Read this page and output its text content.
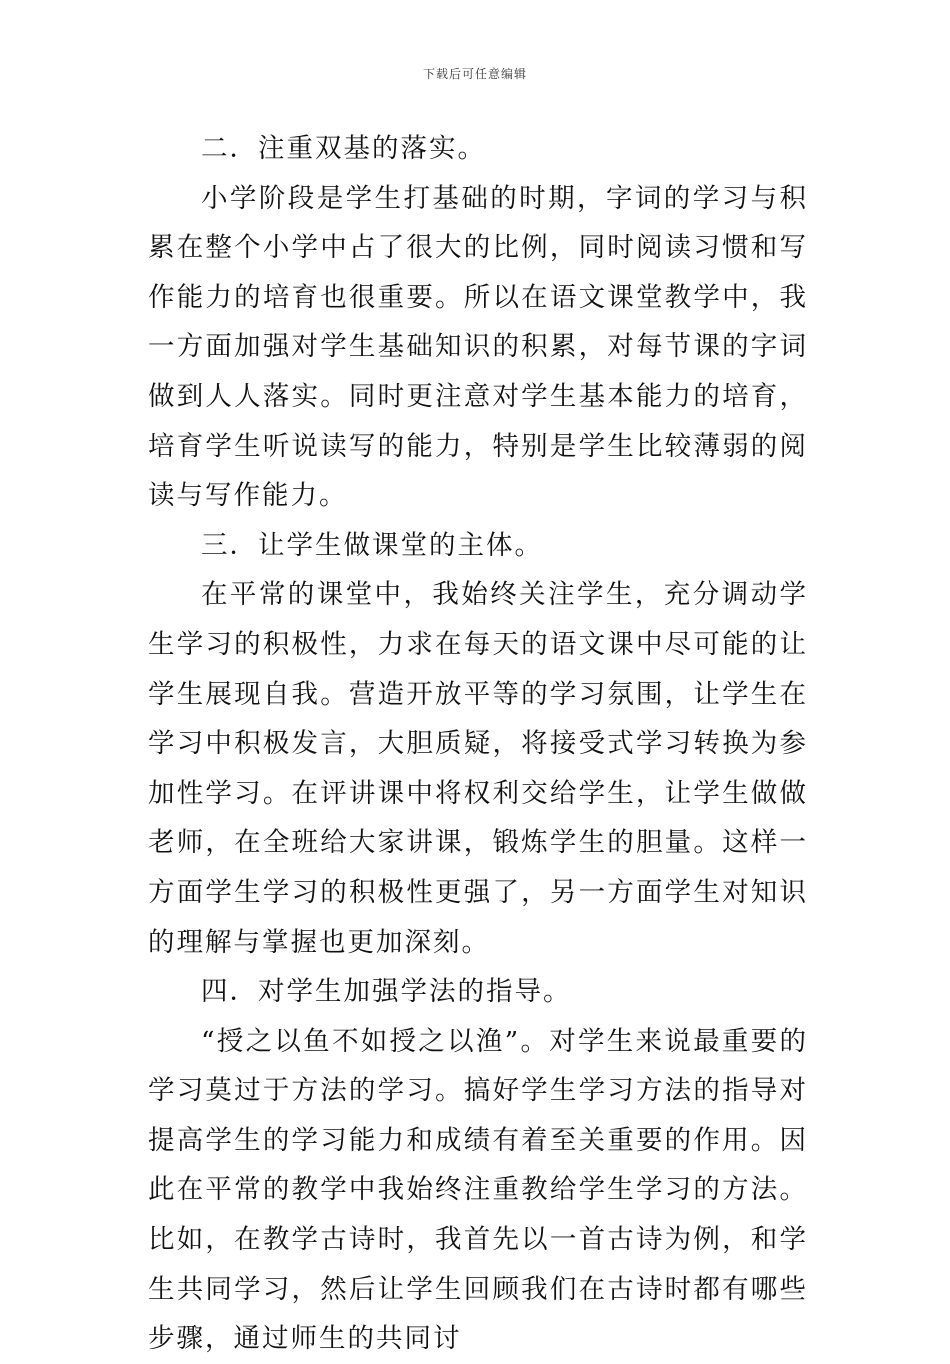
下载后可任意编辑

二．注重双基的落实。

小学阶段是学生打基础的时期，字词的学习与积累在整个小学中占了很大的比例，同时阅读习惯和写作能力的培育也很重要。所以在语文课堂教学中，我一方面加强对学生基础知识的积累，对每节课的字词做到人人落实。同时更注意对学生基本能力的培育，培育学生听说读写的能力，特别是学生比较薄弱的阅读与写作能力。

三．让学生做课堂的主体。

在平常的课堂中，我始终关注学生，充分调动学生学习的积极性，力求在每天的语文课中尽可能的让学生展现自我。营造开放平等的学习氛围，让学生在学习中积极发言，大胆质疑，将接受式学习转换为参加性学习。在评讲课中将权利交给学生，让学生做做老师，在全班给大家讲课，锻炼学生的胆量。这样一方面学生学习的积极性更强了，另一方面学生对知识的理解与掌握也更加深刻。

四．对学生加强学法的指导。

“授之以鱼不如授之以渔”。对学生来说最重要的学习莫过于方法的学习。搞好学生学习方法的指导对提高学生的学习能力和成绩有着至关重要的作用。因此在平常的教学中我始终注重教给学生学习的方法。比如，在教学古诗时，我首先以一首古诗为例，和学生共同学习，然后让学生回顾我们在古诗时都有哪些步骤，通过师生的共同讨
